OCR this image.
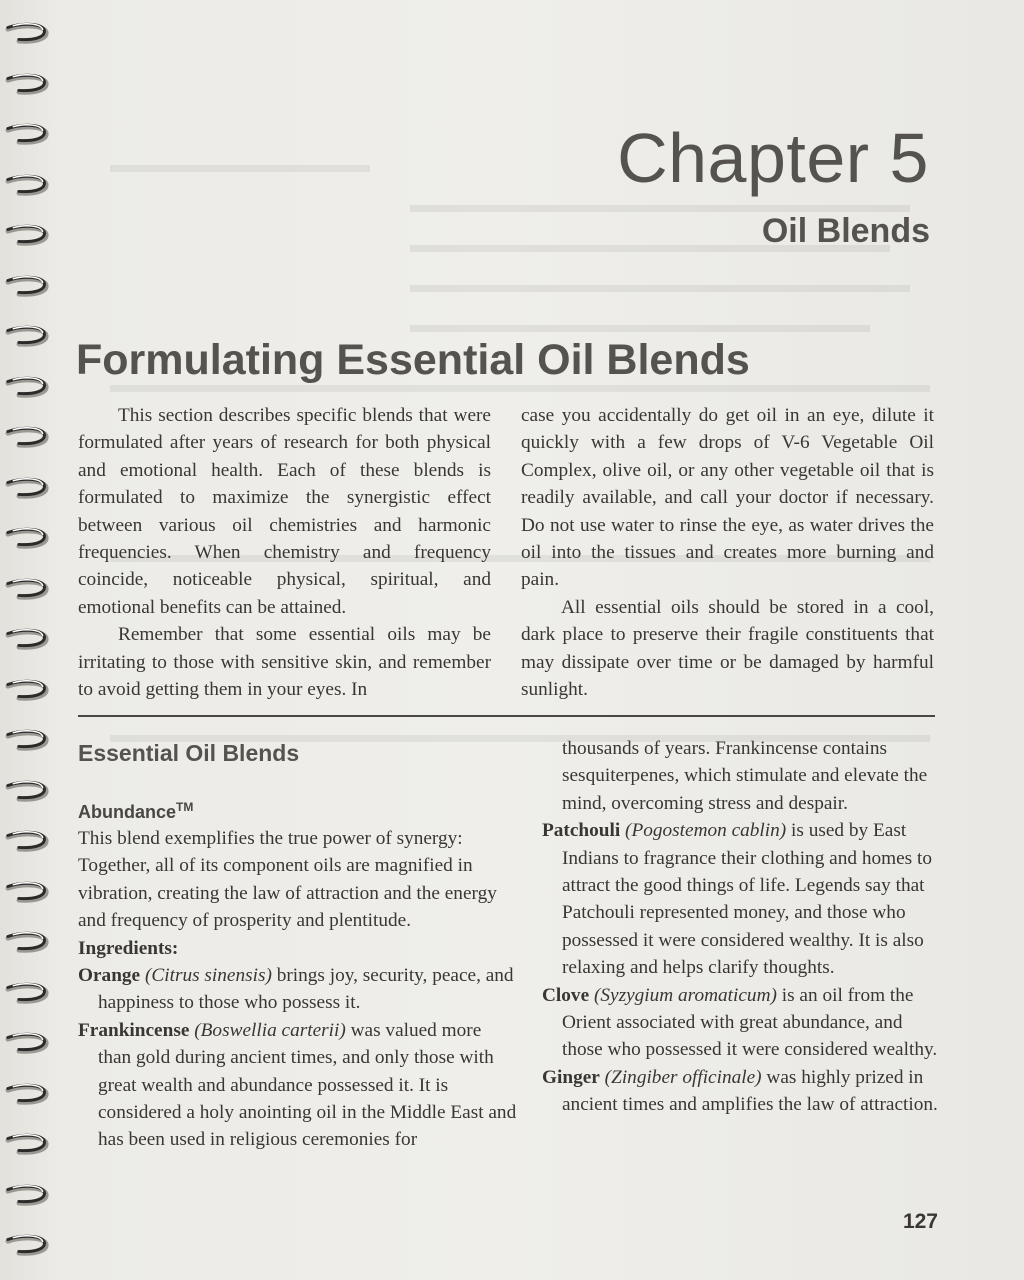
Chapter 5
Oil Blends
Formulating Essential Oil Blends

This section describes specific blends that were formulated after years of research for both physical and emotional health. Each of these blends is formulated to maximize the synergistic effect between various oil chemistries and harmonic frequencies. When chemistry and frequency coincide, noticeable physical, spiritual, and emotional benefits can be attained.

Remember that some essential oils may be irritating to those with sensitive skin, and remember to avoid getting them in your eyes. In

case you accidentally do get oil in an eye, dilute it quickly with a few drops of V-6 Vegetable Oil Complex, olive oil, or any other vegetable oil that is readily available, and call your doctor if necessary. Do not use water to rinse the eye, as water drives the oil into the tissues and creates more burning and pain.

All essential oils should be stored in a cool, dark place to preserve their fragile constituents that may dissipate over time or be damaged by harmful sunlight.

Essential Oil Blends
Abundance™

This blend exemplifies the true power of synergy: Together, all of its component oils are magnified in vibration, creating the law of attraction and the energy and frequency of prosperity and plentitude.

Ingredients:

Orange (Citrus sinensis) brings joy, security, peace, and happiness to those who possess it.

Frankincense (Boswellia carterii) was valued more than gold during ancient times, and only those with great wealth and abundance possessed it. It is considered a holy anointing oil in the Middle East and has been used in religious ceremonies for

thousands of years. Frankincense contains sesquiterpenes, which stimulate and elevate the mind, overcoming stress and despair.

Patchouli (Pogostemon cablin) is used by East Indians to fragrance their clothing and homes to attract the good things of life. Legends say that Patchouli represented money, and those who possessed it were considered wealthy. It is also relaxing and helps clarify thoughts.

Clove (Syzygium aromaticum) is an oil from the Orient associated with great abundance, and those who possessed it were considered wealthy.

Ginger (Zingiber officinale) was highly prized in ancient times and amplifies the law of attraction.

127
